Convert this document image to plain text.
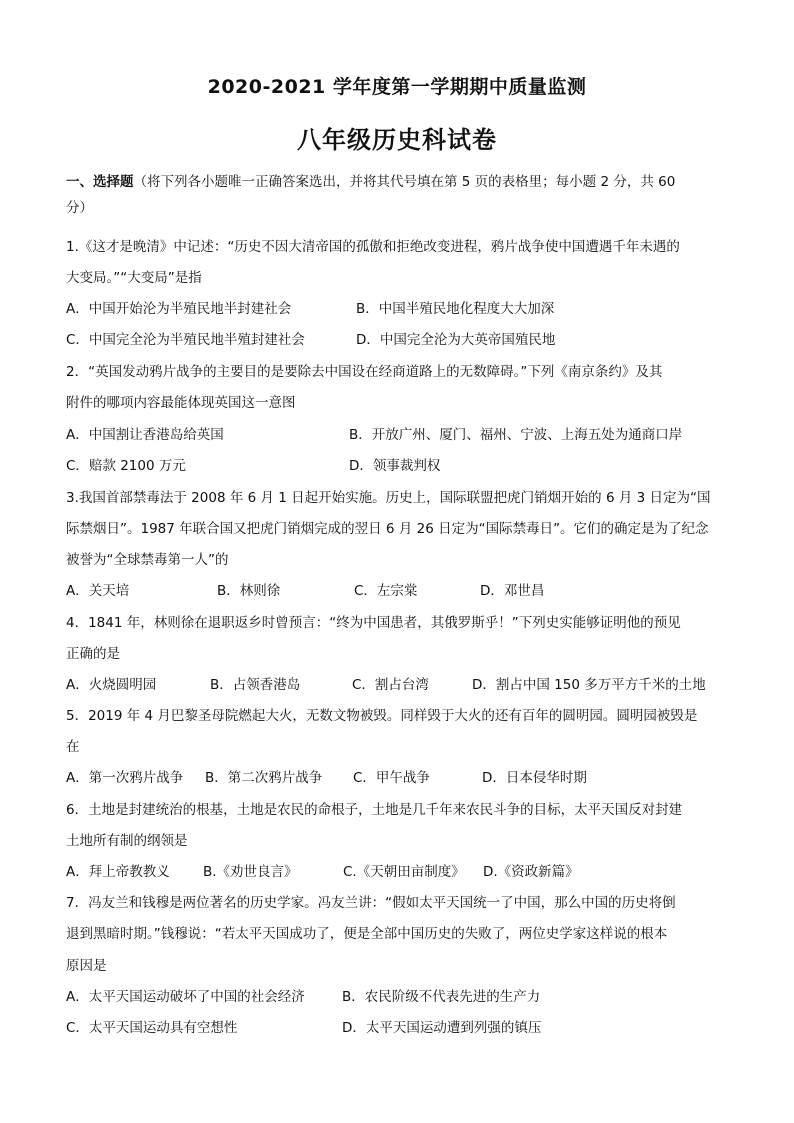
2020-2021 学年度第一学期期中质量监测
八年级历史科试卷
一、选择题（将下列各小题唯一正确答案选出，并将其代号填在第 5 页的表格里；每小题 2 分，共 60
分）
1.《这才是晚清》中记述：“历史不因大清帝国的孤傲和拒绝改变进程，鸦片战争使中国遭遇千年未遇的
大变局。”“大变局”是指
A．中国开始沦为半殖民地半封建社会	B．中国半殖民地化程度大大加深
C．中国完全沦为半殖民地半殖封建社会	D．中国完全沦为大英帝国殖民地
2．“英国发动鸦片战争的主要目的是要除去中国设在经商道路上的无数障碍。”下列《南京条约》及其
附件的哪项内容最能体现英国这一意图
A．中国割让香港岛给英国	B．开放广州、厦门、福州、宁波、上海五处为通商口岸
C．赔款 2100 万元	D．领事裁判权
3.我国首部禁毒法于 2008 年 6 月 1 日起开始实施。历史上，国际联盟把虎门销烟开始的 6 月 3 日定为“国
际禁烟日”。1987 年联合国又把虎门销烟完成的翌日 6 月 26 日定为“国际禁毒日”。它们的确定是为了纪念
被誉为“全球禁毒第一人”的
A．关天培	B．林则徐	C．左宗棠	D．邓世昌
4．1841 年，林则徐在退职返乡时曾预言：“终为中国患者，其俄罗斯乎！”下列史实能够证明他的预见
正确的是
A．火烧圆明园	B．占领香港岛	C．割占台湾	D．割占中国 150 多万平方千米的土地
5．2019 年 4 月巴黎圣母院燃起大火，无数文物被毁。同样毁于大火的还有百年的圆明园。圆明园被毁是
在
A．第一次鸦片战争 B．第二次鸦片战争 C．甲午战争	D．日本侵华时期
6．土地是封建统治的根基，土地是农民的命根子，土地是几千年来农民斗争的目标，太平天国反对封建
土地所有制的纲领是
A．拜上帝教教义 B.《劝世良言》	C.《天朝田亩制度》 D.《资政新篇》
7．冯友兰和钱穆是两位著名的历史学家。冯友兰讲：“假如太平天国统一了中国，那么中国的历史将倒
退到黑暗时期。”钱穆说：“若太平天国成功了，便是全部中国历史的失败了，两位史学家这样说的根本
原因是
A．太平天国运动破坏了中国的社会经济	B．农民阶级不代表先进的生产力
C．太平天国运动具有空想性	D．太平天国运动遭到列强的镇压
